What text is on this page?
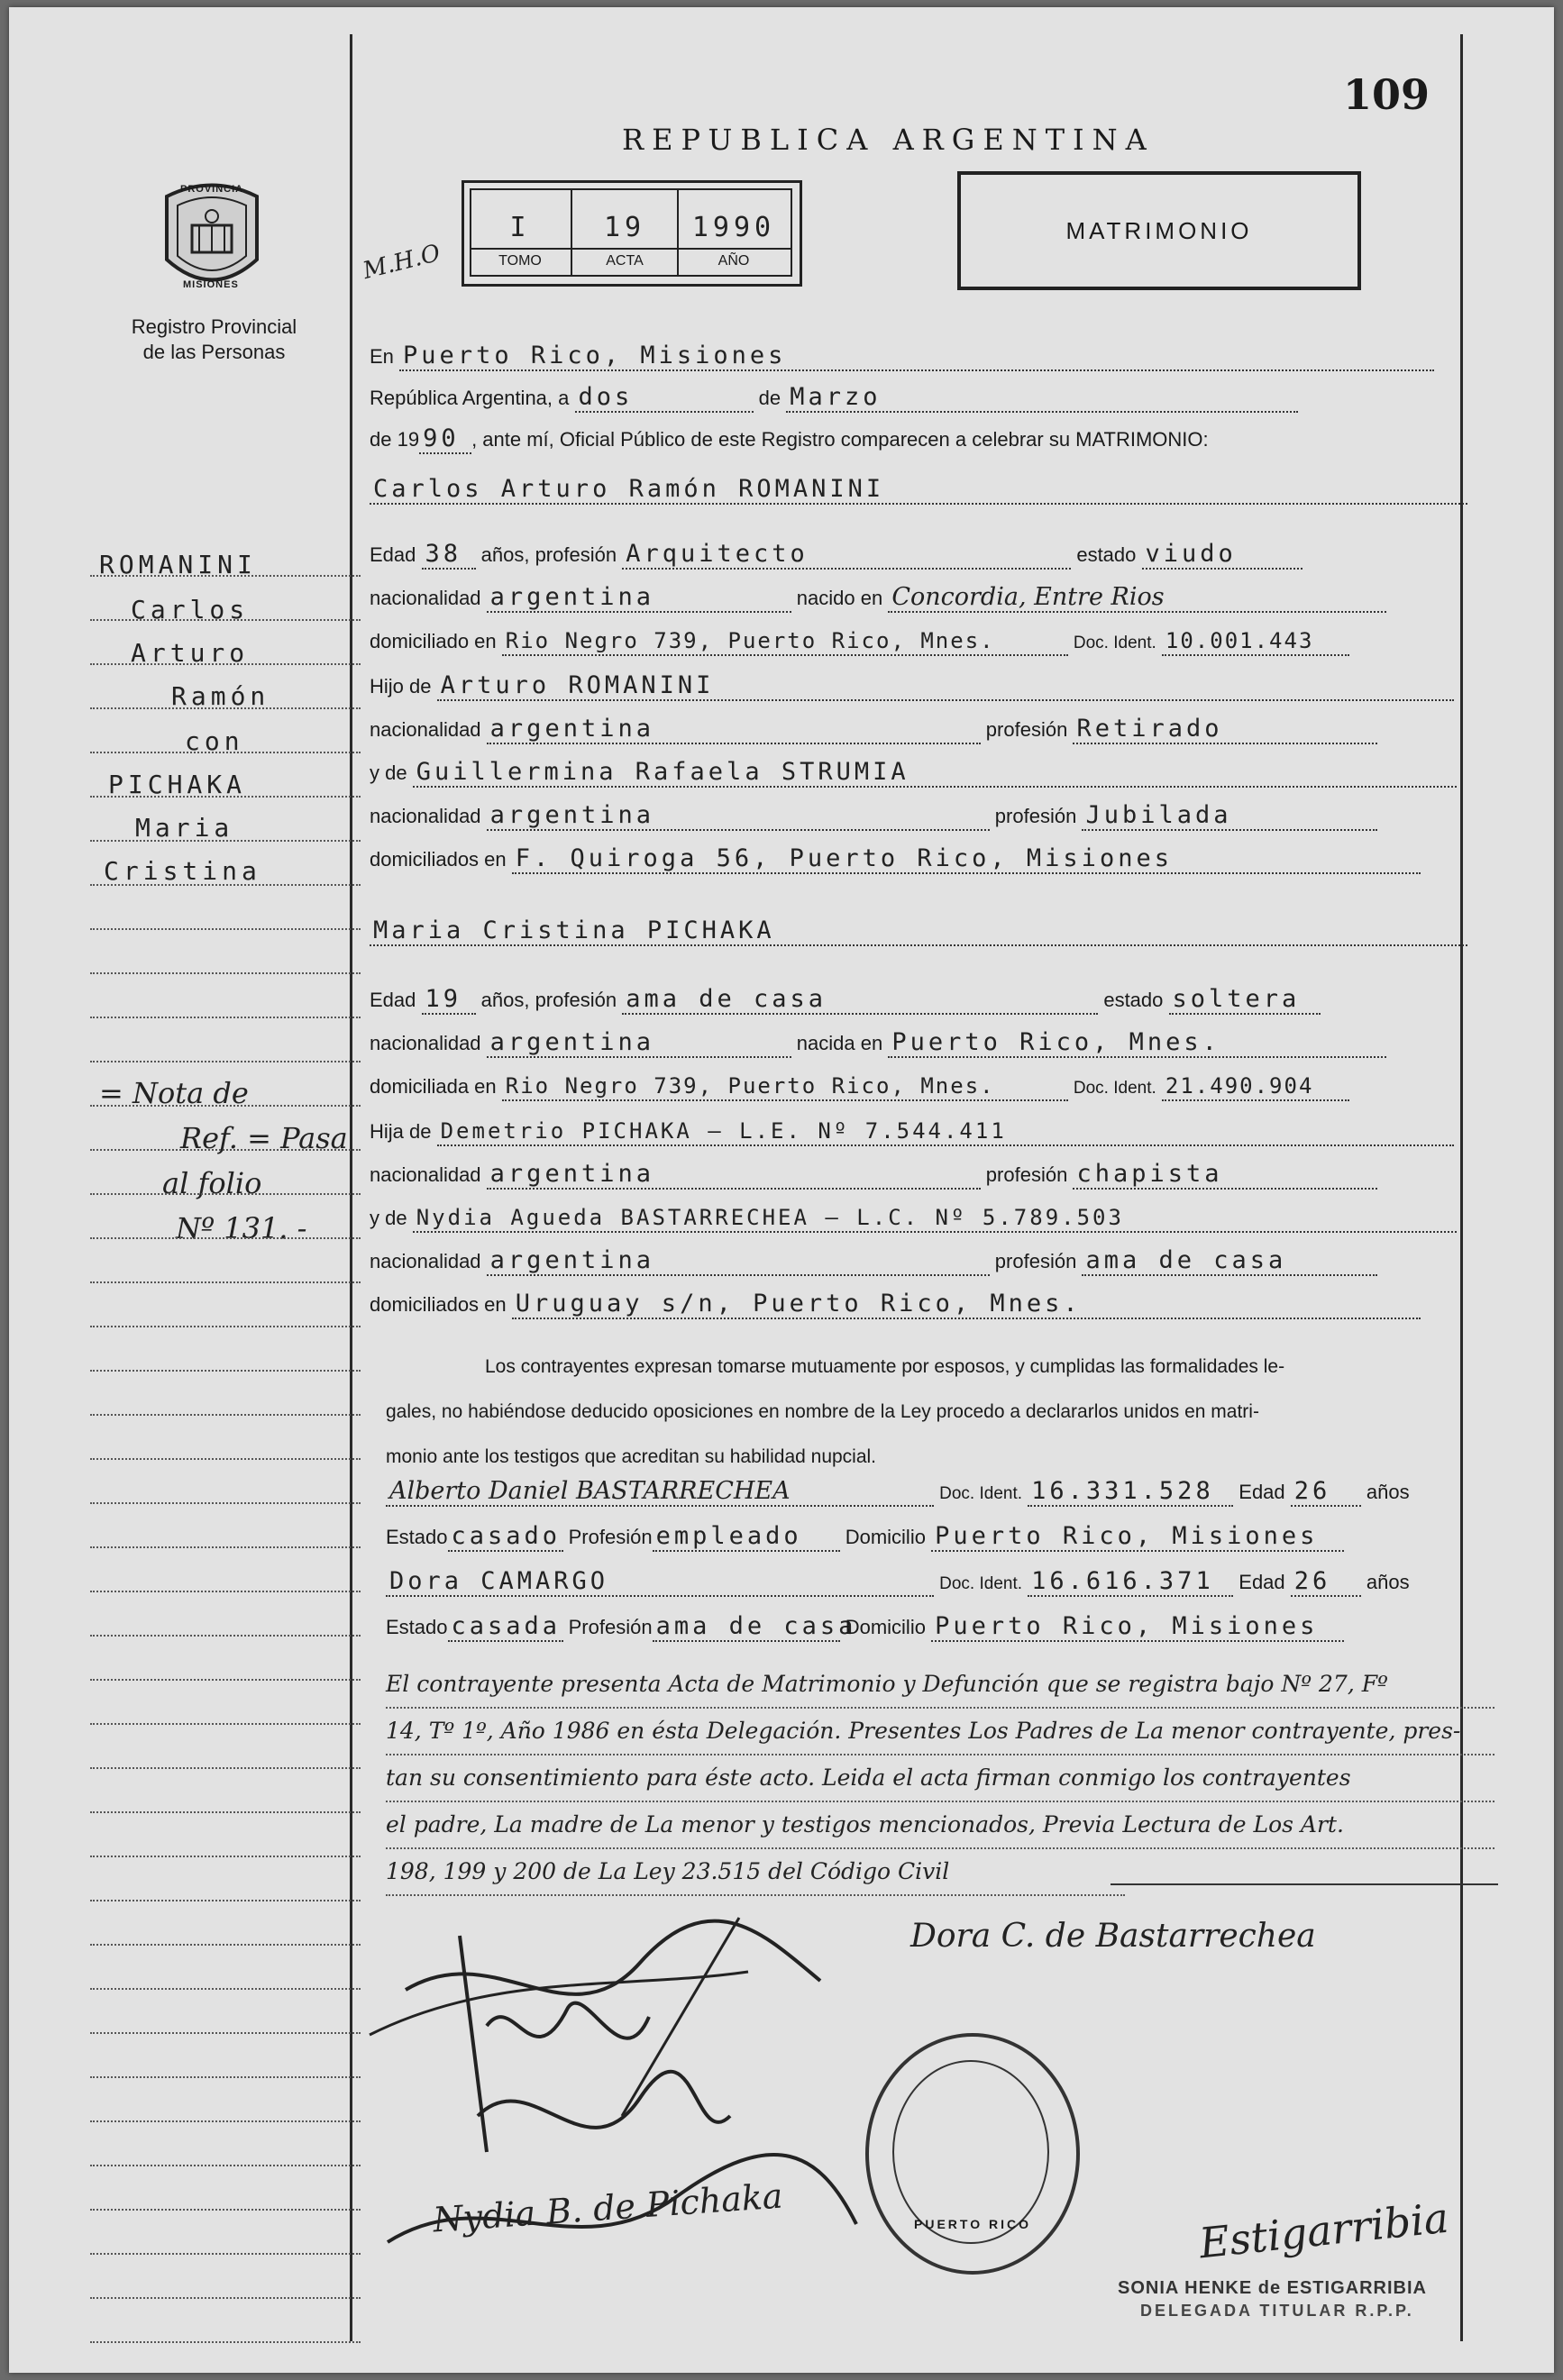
109
REPUBLICA ARGENTINA
PROVINCIA
MISIONES
Registro Provincial
de las Personas
M.H.O
I	19	1990
TOMO	ACTA	AÑO
MATRIMONIO
En Puerto Rico, Misiones
República Argentina, a dos	de Marzo
de 19 90 , ante mí, Oficial Público de este Registro comparecen a celebrar su MATRIMONIO:
Carlos Arturo Ramón ROMANINI
Edad 38 años, profesión Arquitecto	estado viudo
nacionalidad argentina	nacido en Concordia, Entre Rios
domiciliado en Rio Negro 739, Puerto Rico, Mnes.	Doc. Ident. 10.001.443
Hijo de Arturo ROMANINI
nacionalidad argentina	profesión Retirado
y de Guillermina Rafaela STRUMIA
nacionalidad argentina	profesión Jubilada
domiciliados en F. Quiroga 56, Puerto Rico, Misiones
Maria Cristina PICHAKA
Edad 19 años, profesión ama de casa	estado soltera
nacionalidad argentina	nacida en Puerto Rico, Mnes.
domiciliada en Rio Negro 739, Puerto Rico, Mnes.	Doc. Ident. 21.490.904
Hija de Demetrio PICHAKA — L.E. Nº 7.544.411
nacionalidad argentina	profesión chapista
y de Nydia Agueda BASTARRECHEA — L.C. Nº 5.789.503
nacionalidad argentina	profesión ama de casa
domiciliados en Uruguay s/n, Puerto Rico, Mnes.
Los contrayentes expresan tomarse mutuamente por esposos, y cumplidas las formalidades le-
gales, no habiéndose deducido oposiciones en nombre de la Ley procedo a declararlos unidos en matri-
monio ante los testigos que acreditan su habilidad nupcial.
Alberto Daniel BASTARRECHEA	Doc. Ident. 16.331.528 Edad 26 años
Estado casado Profesión empleado Domicilio Puerto Rico, Misiones
Dora CAMARGO	Doc. Ident. 16.616.371 Edad 26 años
Estado casada Profesión ama de casa Domicilio Puerto Rico, Misiones
El contrayente presenta Acta de Matrimonio y Defunción que se registra bajo Nº 27, Fº
14, Tº 1º, Año 1986 en ésta Delegación. Presentes Los Padres de La menor contrayente, pres-
tan su consentimiento para éste acto. Leida el acta firman conmigo los contrayentes
el padre, La madre de La menor y testigos mencionados, Previa Lectura de Los Art.
198, 199 y 200 de La Ley 23.515 del Código Civil
ROMANINI
Carlos
Arturo
Ramón
con
PICHAKA
Maria
Cristina
= Nota de
Ref. = Pasa
al folio
Nº 131. -
Dora C. de Bastarrechea
Nydia B. de Pichaka	Estigarribia
PUERTO RICO
SONIA HENKE de ESTIGARRIBIA
DELEGADA TITULAR R.P.P.
